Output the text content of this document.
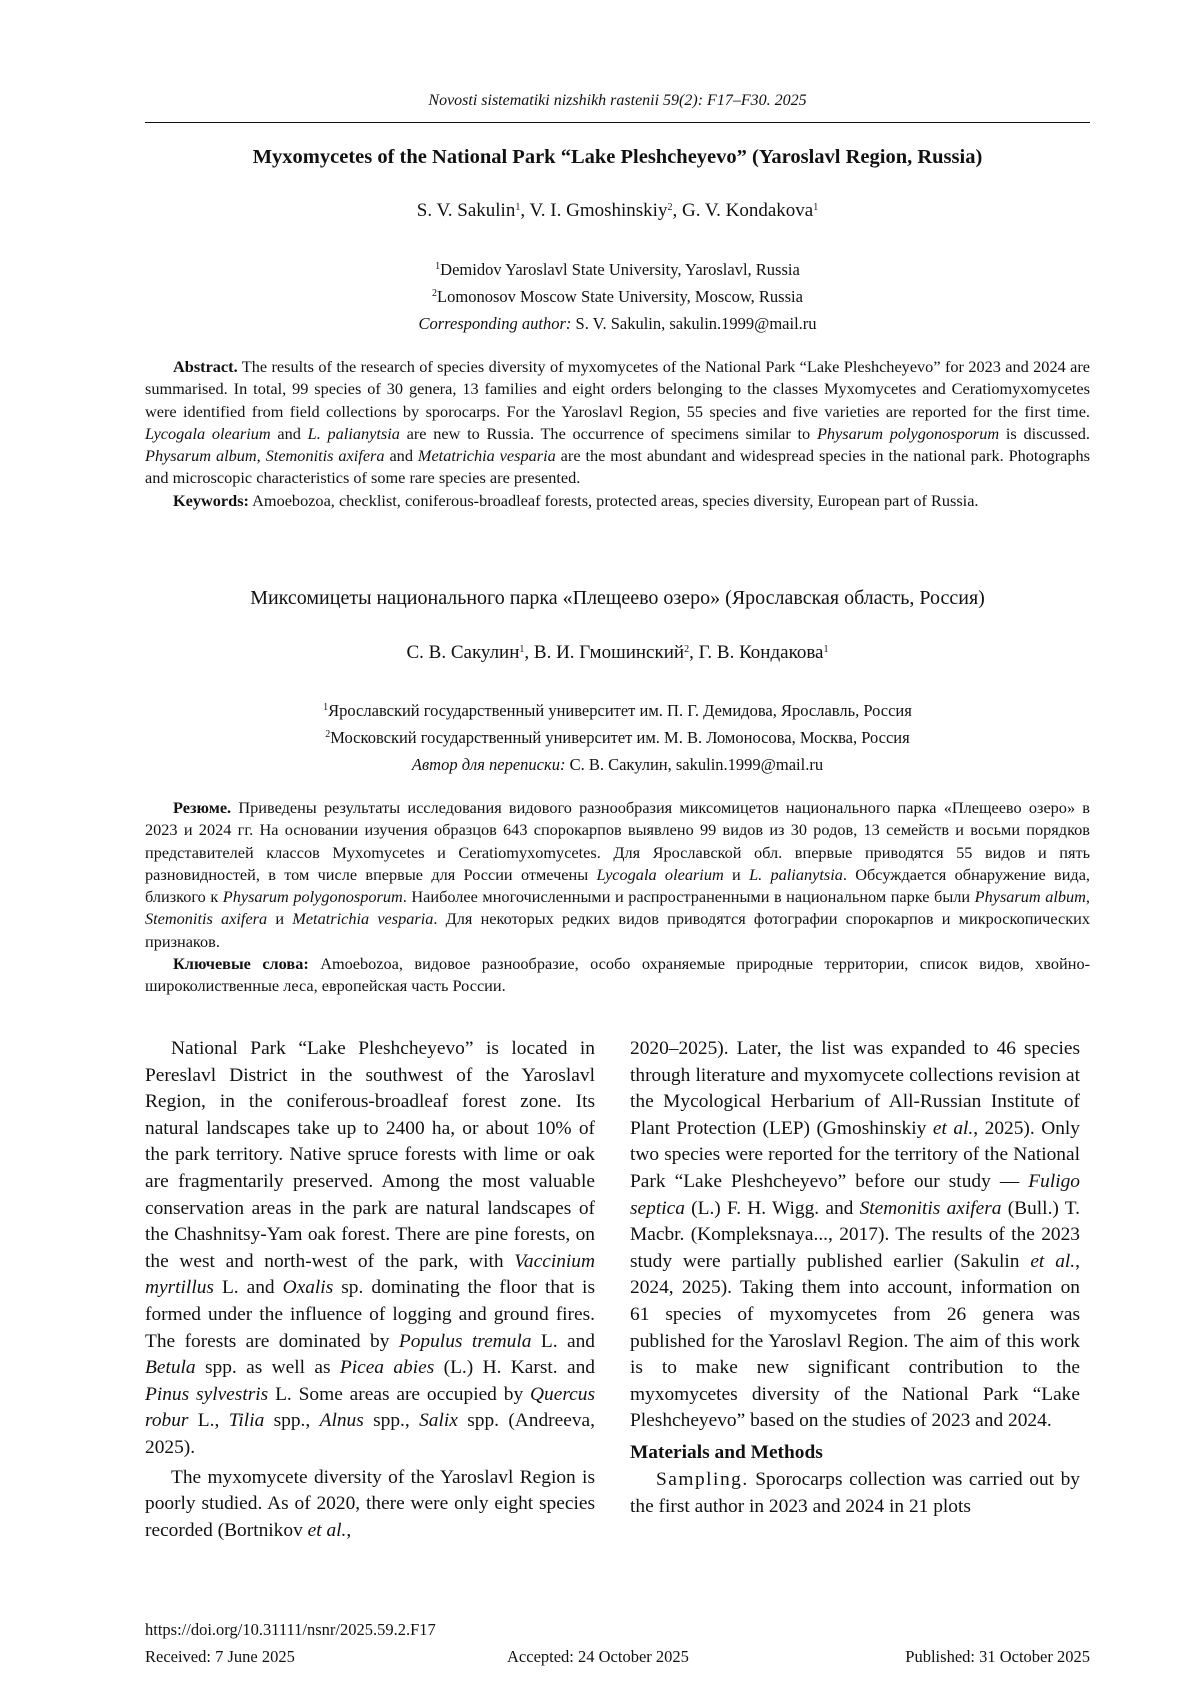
Novosti sistematiki nizshikh rastenii 59(2): F17–F30. 2025
Myxomycetes of the National Park “Lake Pleshcheyevo” (Yaroslavl Region, Russia)
S. V. Sakulin$^1$, V. I. Gmoshinskiy$^2$, G. V. Kondakova$^1$
$^1$Demidov Yaroslavl State University, Yaroslavl, Russia
$^2$Lomonosov Moscow State University, Moscow, Russia
Corresponding author: S. V. Sakulin, sakulin.1999@mail.ru

Abstract. The results of the research of species diversity of myxomycetes of the National Park “Lake Pleshcheyevo” for 2023 and 2024 are summarised. In total, 99 species of 30 genera, 13 families and eight orders belonging to the classes Myxomycetes and Ceratiomyxomycetes were identified from field collections by sporocarps. For the Yaroslavl Region, 55 species and five varieties are reported for the first time. Lycogala olearium and L. palianytsia are new to Russia. The occurrence of specimens similar to Physarum polygonosporum is discussed. Physarum album, Stemonitis axifera and Metatrichia vesparia are the most abundant and widespread species in the national park. Photographs and microscopic characteristics of some rare species are presented.

Keywords: Amoebozoa, checklist, coniferous-broadleaf forests, protected areas, species diversity, European part of Russia.

Миксомицеты национального парка «Плещеево озеро» (Ярославская область, Россия)
С. В. Сакулин$^1$, В. И. Гмошинский$^2$, Г. В. Кондакова$^1$
$^1$Ярославский государственный университет им. П. Г. Демидова, Ярославль, Россия
$^2$Московский государственный университет им. М. В. Ломоносова, Москва, Россия
Автор для переписки: С. В. Сакулин, sakulin.1999@mail.ru

Резюме. Приведены результаты исследования видового разнообразия миксомицетов национального парка «Плещеево озеро» в 2023 и 2024 гг. На основании изучения образцов 643 спорокарпов выявлено 99 видов из 30 родов, 13 семейств и восьми порядков представителей классов Myxomycetes и Ceratiomyxomycetes. Для Ярославской обл. впервые приводятся 55 видов и пять разновидностей, в том числе впервые для России отмечены Lycogala olearium и L. palianytsia. Обсуждается обнаружение вида, близкого к Physarum polygonosporum. Наиболее многочисленными и распространенными в национальном парке были Physarum album, Stemonitis axifera и Metatrichia vesparia. Для некоторых редких видов приводятся фотографии спорокарпов и микроскопических признаков.

Ключевые слова: Amoebozoa, видовое разнообразие, особо охраняемые природные территории, список видов, хвойно-широколиственные леса, европейская часть России.

National Park “Lake Pleshcheyevo” is located in Pereslavl District in the southwest of the Yaroslavl Region, in the coniferous-broadleaf forest zone. Its natural landscapes take up to 2400 ha, or about 10% of the park territory. Native spruce forests with lime or oak are fragmentarily preserved. Among the most valuable conservation areas in the park are natural landscapes of the Chashnitsy-Yam oak forest. There are pine forests, on the west and north-west of the park, with Vaccinium myrtillus L. and Oxalis sp. dominating the floor that is formed under the influence of logging and ground fires. The forests are dominated by Populus tremula L. and Betula spp. as well as Picea abies (L.) H. Karst. and Pinus sylvestris L. Some areas are occupied by Quercus robur L., Tilia spp., Alnus spp., Salix spp. (Andreeva, 2025).

The myxomycete diversity of the Yaroslavl Region is poorly studied. As of 2020, there were only eight species recorded (Bortnikov et al.,

2020–2025). Later, the list was expanded to 46 species through literature and myxomycete collections revision at the Mycological Herbarium of All-Russian Institute of Plant Protection (LEP) (Gmoshinskiy et al., 2025). Only two species were reported for the territory of the National Park “Lake Pleshcheyevo” before our study — Fuligo septica (L.) F. H. Wigg. and Stemonitis axifera (Bull.) T. Macbr. (Kompleksnaya..., 2017). The results of the 2023 study were partially published earlier (Sakulin et al., 2024, 2025). Taking them into account, information on 61 species of myxomycetes from 26 genera was published for the Yaroslavl Region. The aim of this work is to make new significant contribution to the myxomycetes diversity of the National Park “Lake Pleshcheyevo” based on the studies of 2023 and 2024.

Materials and Methods

Sampling. Sporocarps collection was carried out by the first author in 2023 and 2024 in 21 plots

https://doi.org/10.31111/nsnr/2025.59.2.F17
Received: 7 June 2025	Accepted: 24 October 2025	Published: 31 October 2025
